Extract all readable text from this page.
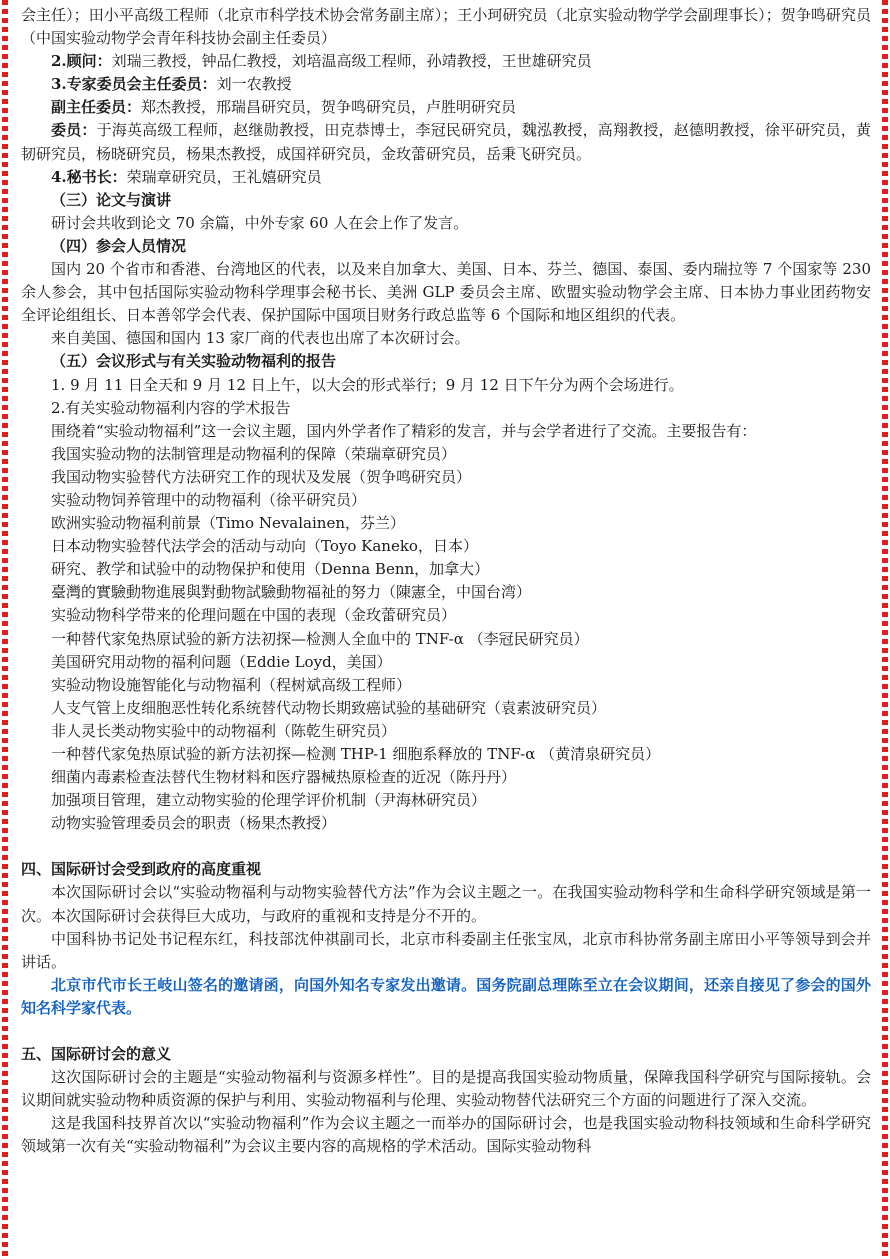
会主任）；田小平高级工程师（北京市科学技术协会常务副主席）；王小珂研究员（北京实验动物学学会副理事长）；贺争鸣研究员（中国实验动物学会青年科技协会副主任委员）

2.顾问：刘瑞三教授，钟品仁教授，刘培温高级工程师，孙靖教授，王世雄研究员

3.专家委员会主任委员：刘一农教授

副主任委员：郑杰教授，邢瑞昌研究员，贺争鸣研究员，卢胜明研究员

委员：于海英高级工程师，赵继勋教授，田克恭博士，李冠民研究员，魏泓教授，高翔教授，赵德明教授，徐平研究员，黄韧研究员，杨晓研究员，杨果杰教授，成国祥研究员，金玫蕾研究员，岳秉飞研究员。

4.秘书长：荣瑞章研究员，王礼嬉研究员

（三）论文与演讲

研讨会共收到论文 70 余篇，中外专家 60 人在会上作了发言。

（四）参会人员情况

国内 20 个省市和香港、台湾地区的代表，以及来自加拿大、美国、日本、芬兰、德国、泰国、委内瑞拉等 7 个国家等 230 余人参会，其中包括国际实验动物科学理事会秘书长、美洲 GLP 委员会主席、欧盟实验动物学会主席、日本协力事业团药物安全评论组组长、日本善邻学会代表、保护国际中国项目财务行政总监等 6 个国际和地区组织的代表。

来自美国、德国和国内 13 家厂商的代表也出席了本次研讨会。

（五）会议形式与有关实验动物福利的报告

1. 9 月 11 日全天和 9 月 12 日上午，以大会的形式举行；9 月 12 日下午分为两个会场进行。

2.有关实验动物福利内容的学术报告

围绕着“实验动物福利”这一会议主题，国内外学者作了精彩的发言，并与会学者进行了交流。主要报告有：

我国实验动物的法制管理是动物福利的保障（荣瑞章研究员）

我国动物实验替代方法研究工作的现状及发展（贺争鸣研究员）

实验动物饲养管理中的动物福利（徐平研究员）

欧洲实验动物福利前景（Timo Nevalainen，芬兰）

日本动物实验替代法学会的活动与动向（Toyo Kaneko，日本）

研究、教学和试验中的动物保护和使用（Denna Benn，加拿大）

臺灣的實驗動物進展與對動物試驗動物福祉的努力（陳憲全，中国台湾）

实验动物科学带来的伦理问题在中国的表现（金玫蕾研究员）

一种替代家兔热原试验的新方法初探—检测人全血中的 TNF-α （李冠民研究员）

美国研究用动物的福利问题（Eddie Loyd，美国）

实验动物设施智能化与动物福利（程树斌高级工程师）

人支气管上皮细胞恶性转化系统替代动物长期致癌试验的基础研究（袁素波研究员）

非人灵长类动物实验中的动物福利（陈乾生研究员）

一种替代家兔热原试验的新方法初探—检测 THP-1 细胞系释放的 TNF-α （黄清泉研究员）

细菌内毒素检查法替代生物材料和医疗器械热原检查的近况（陈丹丹）

加强项目管理，建立动物实验的伦理学评价机制（尹海林研究员）

动物实验管理委员会的职责（杨果杰教授）

四、国际研讨会受到政府的高度重视

本次国际研讨会以“实验动物福利与动物实验替代方法”作为会议主题之一。在我国实验动物科学和生命科学研究领域是第一次。本次国际研讨会获得巨大成功，与政府的重视和支持是分不开的。

中国科协书记处书记程东红，科技部沈仲祺副司长，北京市科委副主任张宝凤，北京市科协常务副主席田小平等领导到会并讲话。

北京市代市长王岐山签名的邀请函，向国外知名专家发出邀请。国务院副总理陈至立在会议期间，还亲自接见了参会的国外知名科学家代表。

五、国际研讨会的意义

这次国际研讨会的主题是“实验动物福利与资源多样性”。目的是提高我国实验动物质量，保障我国科学研究与国际接轨。会议期间就实验动物种质资源的保护与利用、实验动物福利与伦理、实验动物替代法研究三个方面的问题进行了深入交流。

这是我国科技界首次以“实验动物福利”作为会议主题之一而举办的国际研讨会，也是我国实验动物科技领域和生命科学研究领域第一次有关“实验动物福利”为会议主要内容的高规格的学术活动。国际实验动物科
